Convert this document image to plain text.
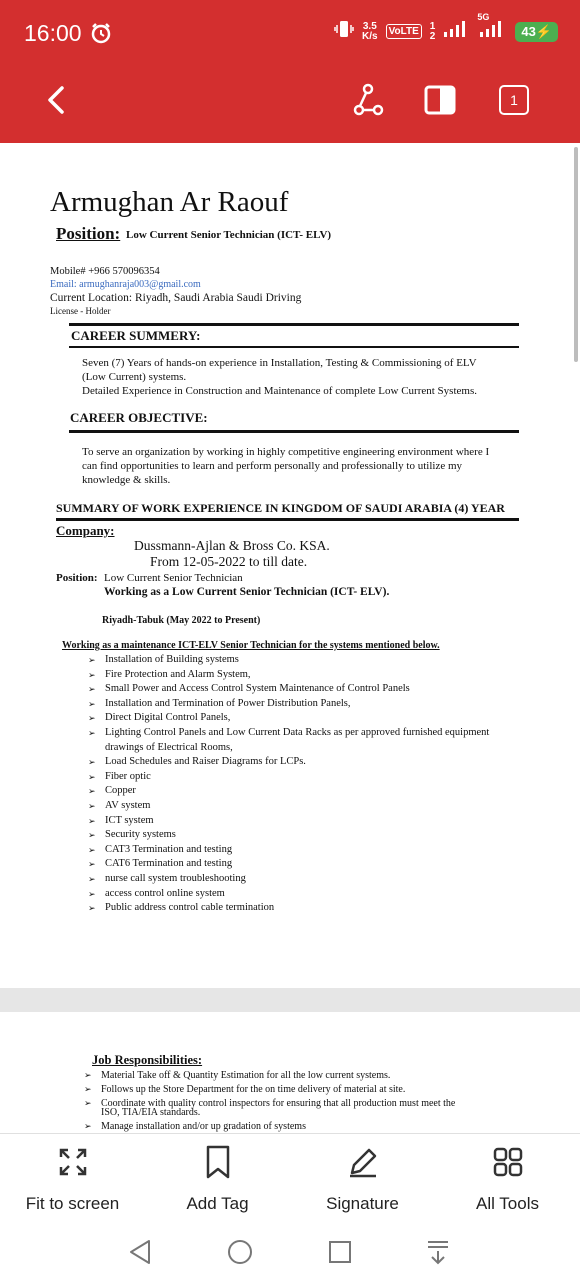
16:00	3.5
K/s	VoLTE	1
2
5G
43⚡
1
Armughan Ar Raouf
Position: Low Current Senior Technician (ICT- ELV)
Mobile# +966 570096354
Email: armughanraja003@gmail.com
Current Location: Riyadh, Saudi Arabia Saudi Driving
License - Holder
CAREER SUMMERY:
Seven (7) Years of hands-on experience in Installation, Testing & Commissioning of ELV
(Low Current) systems.
Detailed Experience in Construction and Maintenance of complete Low Current Systems.
CAREER OBJECTIVE:
To serve an organization by working in highly competitive engineering environment where I
can find opportunities to learn and perform personally and professionally to utilize my
knowledge & skills.
SUMMARY OF WORK EXPERIENCE IN KINGDOM OF SAUDI ARABIA (4) YEAR
Company:
Dussmann-Ajlan & Bross Co. KSA.
From 12-05-2022 to till date.
Position: Low Current Senior Technician
Working as a Low Current Senior Technician (ICT- ELV).
Riyadh-Tabuk (May 2022 to Present)
Working as a maintenance ICT-ELV Senior Technician for the systems mentioned below.
➢ Installation of Building systems
➢ Fire Protection and Alarm System,
➢ Small Power and Access Control System Maintenance of Control Panels
➢ Installation and Termination of Power Distribution Panels,
➢ Direct Digital Control Panels,
➢ Lighting Control Panels and Low Current Data Racks as per approved furnished equipment
drawings of Electrical Rooms,
➢ Load Schedules and Raiser Diagrams for LCPs.
➢ Fiber optic
➢ Copper
➢ AV system
➢ ICT system
➢ Security systems
➢ CAT3 Termination and testing
➢ CAT6 Termination and testing
➢ nurse call system troubleshooting
➢ access control online system
➢ Public address control cable termination
Job Responsibilities:
➢ Material Take off & Quantity Estimation for all the low current systems.
➢ Follows up the Store Department for the on time delivery of material at site.
➢ Coordinate with quality control inspectors for ensuring that all production must meet the
ISO, TIA/EIA standards.
➢ Manage installation and/or up gradation of systems
Fit to screen	Add Tag	Signature	All Tools
